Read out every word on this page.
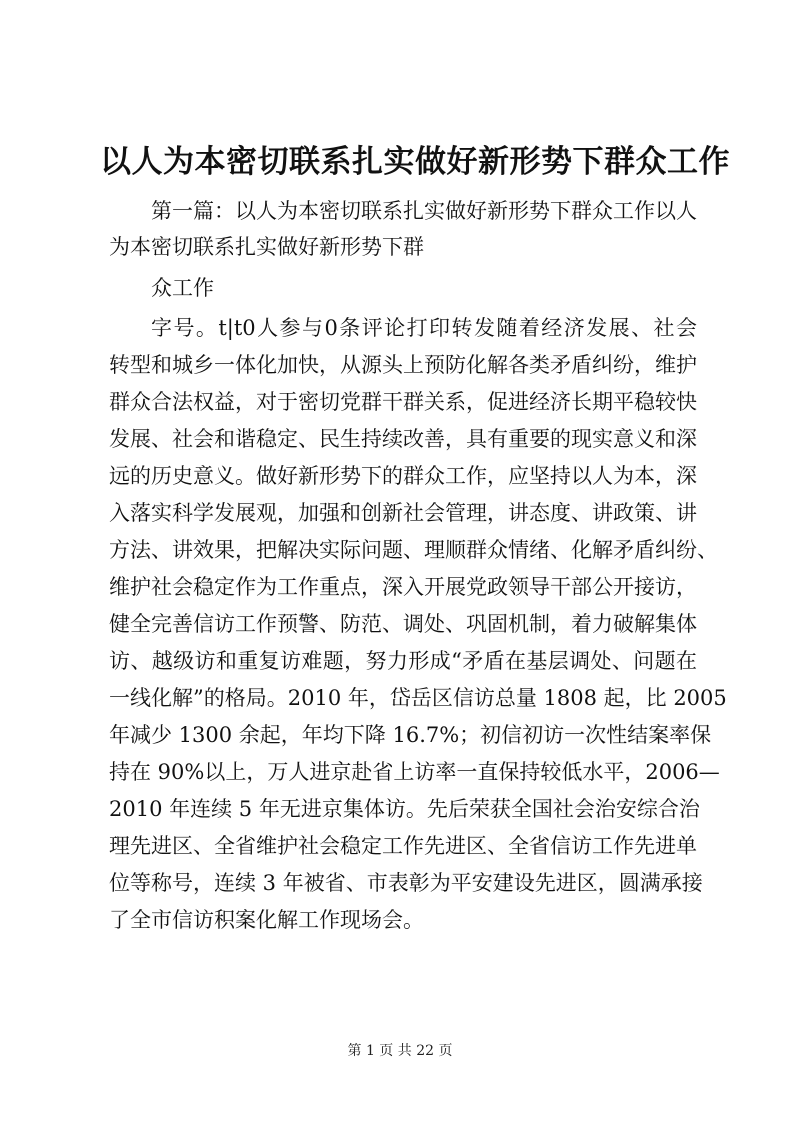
以人为本密切联系扎实做好新形势下群众工作

第一篇：以人为本密切联系扎实做好新形势下群众工作以人

为本密切联系扎实做好新形势下群

众工作

字号。t|t0人参与0条评论打印转发随着经济发展、社会

转型和城乡一体化加快，从源头上预防化解各类矛盾纠纷，维护

群众合法权益，对于密切党群干群关系，促进经济长期平稳较快

发展、社会和谐稳定、民生持续改善，具有重要的现实意义和深

远的历史意义。做好新形势下的群众工作，应坚持以人为本，深

入落实科学发展观，加强和创新社会管理，讲态度、讲政策、讲

方法、讲效果，把解决实际问题、理顺群众情绪、化解矛盾纠纷、

维护社会稳定作为工作重点，深入开展党政领导干部公开接访，

健全完善信访工作预警、防范、调处、巩固机制，着力破解集体

访、越级访和重复访难题，努力形成“矛盾在基层调处、问题在

一线化解”的格局。2010 年，岱岳区信访总量 1808 起，比 2005

年减少 1300 余起，年均下降 16.7%；初信初访一次性结案率保

持在 90%以上，万人进京赴省上访率一直保持较低水平，2006—

2010 年连续 5 年无进京集体访。先后荣获全国社会治安综合治

理先进区、全省维护社会稳定工作先进区、全省信访工作先进单

位等称号，连续 3 年被省、市表彰为平安建设先进区，圆满承接

了全市信访积案化解工作现场会。

第 1 页 共 22 页
